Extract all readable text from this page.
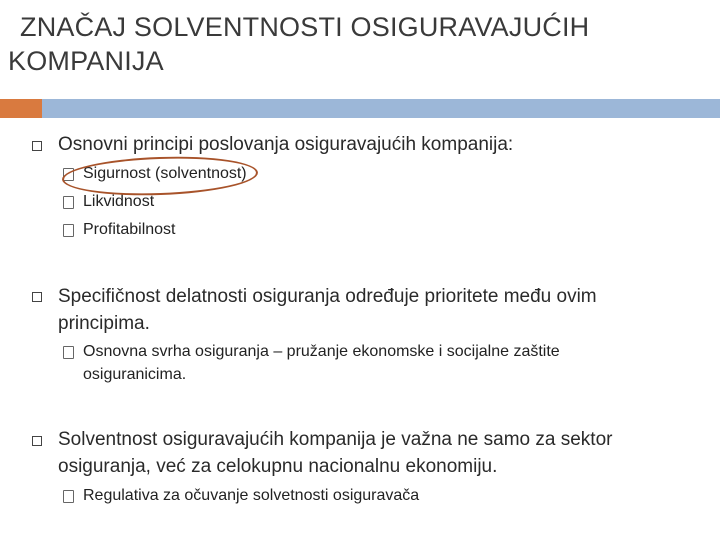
ZNAČAJ SOLVENTNOSTI OSIGURAVAJUĆIH
KOMPANIJA
Osnovni principi poslovanja osiguravajućih kompanija:
Sigurnost (solventnost)
Likvidnost
Profitabilnost
Specifičnost delatnosti osiguranja određuje prioritete među ovim
principima.
Osnovna svrha osiguranja – pružanje ekonomske i socijalne zaštite
osiguranicima.
Solventnost osiguravajućih kompanija je važna ne samo za sektor
osiguranja, već za celokupnu nacionalnu ekonomiju.
Regulativa za očuvanje solvetnosti osiguravača
